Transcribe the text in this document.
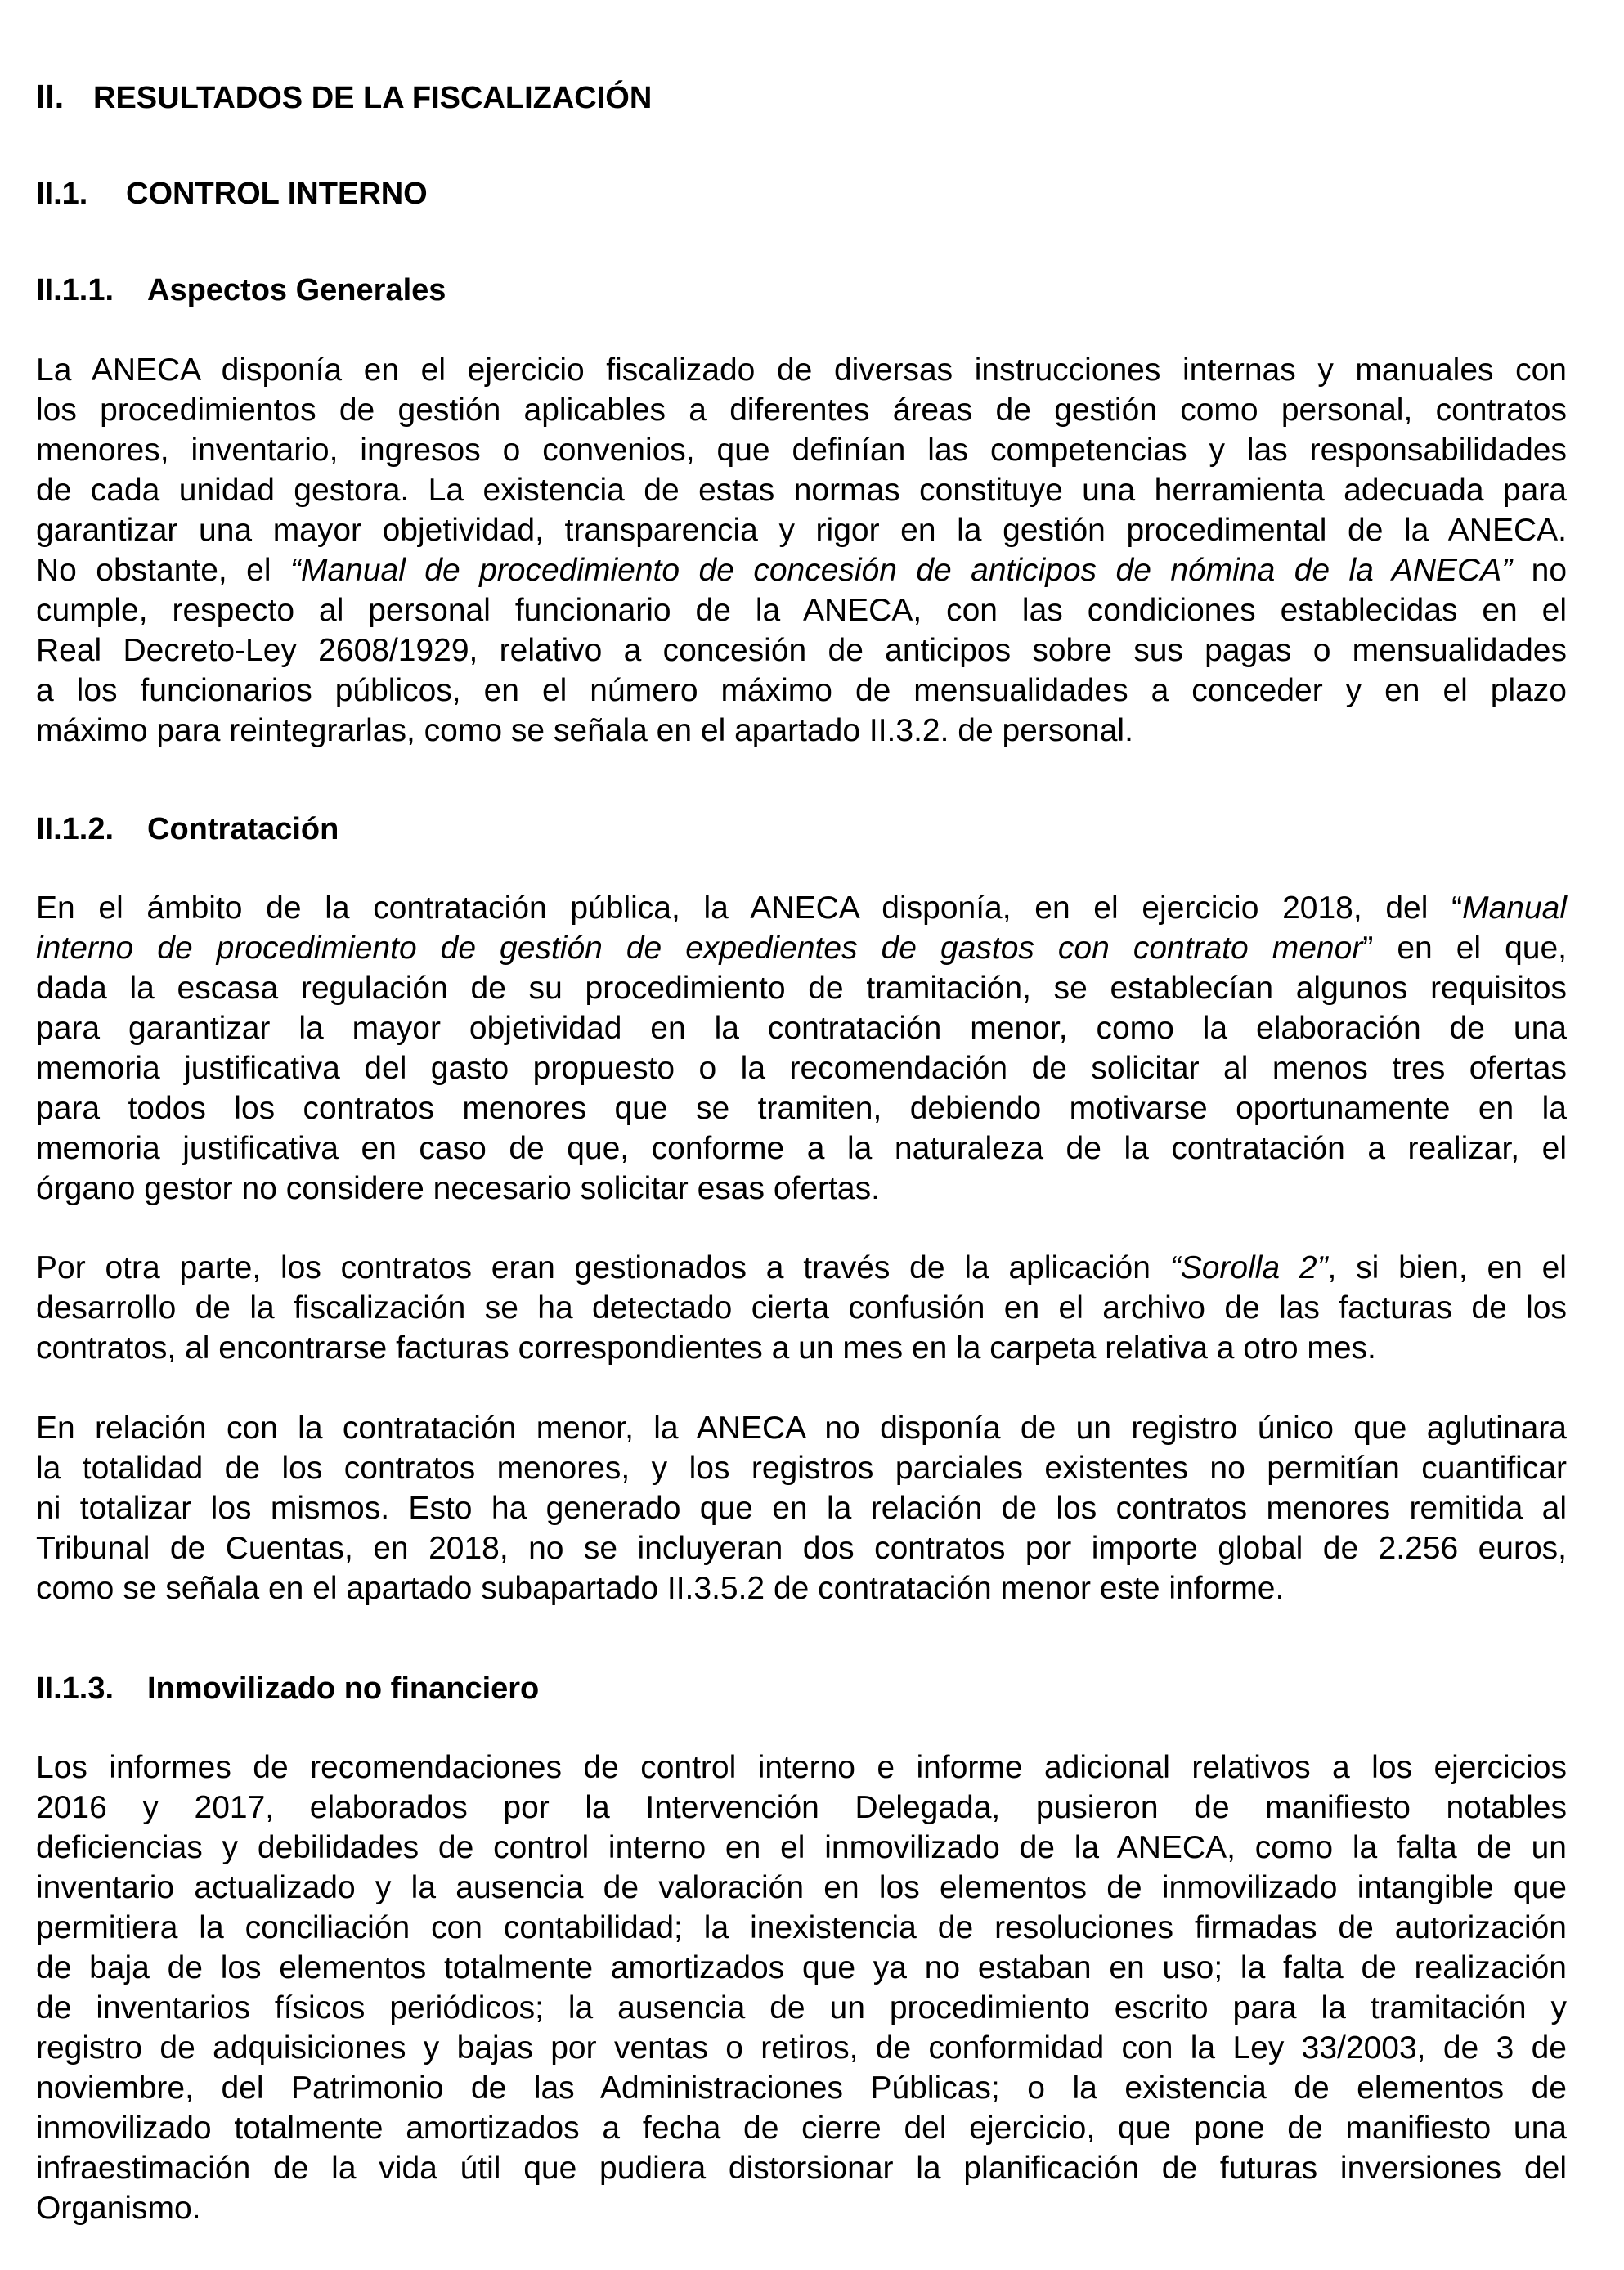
II. RESULTADOS DE LA FISCALIZACIÓN
II.1. CONTROL INTERNO
II.1.1. Aspectos Generales
La ANECA disponía en el ejercicio fiscalizado de diversas instrucciones internas y manuales con
los procedimientos de gestión aplicables a diferentes áreas de gestión como personal, contratos
menores, inventario, ingresos o convenios, que definían las competencias y las responsabilidades
de cada unidad gestora. La existencia de estas normas constituye una herramienta adecuada para
garantizar una mayor objetividad, transparencia y rigor en la gestión procedimental de la ANECA.
No obstante, el “Manual de procedimiento de concesión de anticipos de nómina de la ANECA” no
cumple, respecto al personal funcionario de la ANECA, con las condiciones establecidas en el
Real Decreto-Ley 2608/1929, relativo a concesión de anticipos sobre sus pagas o mensualidades
a los funcionarios públicos, en el número máximo de mensualidades a conceder y en el plazo
máximo para reintegrarlas, como se señala en el apartado II.3.2. de personal.
II.1.2. Contratación
En el ámbito de la contratación pública, la ANECA disponía, en el ejercicio 2018, del “Manual
interno de procedimiento de gestión de expedientes de gastos con contrato menor” en el que,
dada la escasa regulación de su procedimiento de tramitación, se establecían algunos requisitos
para garantizar la mayor objetividad en la contratación menor, como la elaboración de una
memoria justificativa del gasto propuesto o la recomendación de solicitar al menos tres ofertas
para todos los contratos menores que se tramiten, debiendo motivarse oportunamente en la
memoria justificativa en caso de que, conforme a la naturaleza de la contratación a realizar, el
órgano gestor no considere necesario solicitar esas ofertas.
Por otra parte, los contratos eran gestionados a través de la aplicación “Sorolla 2”, si bien, en el
desarrollo de la fiscalización se ha detectado cierta confusión en el archivo de las facturas de los
contratos, al encontrarse facturas correspondientes a un mes en la carpeta relativa a otro mes.
En relación con la contratación menor, la ANECA no disponía de un registro único que aglutinara
la totalidad de los contratos menores, y los registros parciales existentes no permitían cuantificar
ni totalizar los mismos. Esto ha generado que en la relación de los contratos menores remitida al
Tribunal de Cuentas, en 2018, no se incluyeran dos contratos por importe global de 2.256 euros,
como se señala en el apartado subapartado II.3.5.2 de contratación menor este informe.
II.1.3. Inmovilizado no financiero
Los informes de recomendaciones de control interno e informe adicional relativos a los ejercicios
2016 y 2017, elaborados por la Intervención Delegada, pusieron de manifiesto notables
deficiencias y debilidades de control interno en el inmovilizado de la ANECA, como la falta de un
inventario actualizado y la ausencia de valoración en los elementos de inmovilizado intangible que
permitiera la conciliación con contabilidad; la inexistencia de resoluciones firmadas de autorización
de baja de los elementos totalmente amortizados que ya no estaban en uso; la falta de realización
de inventarios físicos periódicos; la ausencia de un procedimiento escrito para la tramitación y
registro de adquisiciones y bajas por ventas o retiros, de conformidad con la Ley 33/2003, de 3 de
noviembre, del Patrimonio de las Administraciones Públicas; o la existencia de elementos de
inmovilizado totalmente amortizados a fecha de cierre del ejercicio, que pone de manifiesto una
infraestimación de la vida útil que pudiera distorsionar la planificación de futuras inversiones del
Organismo.
